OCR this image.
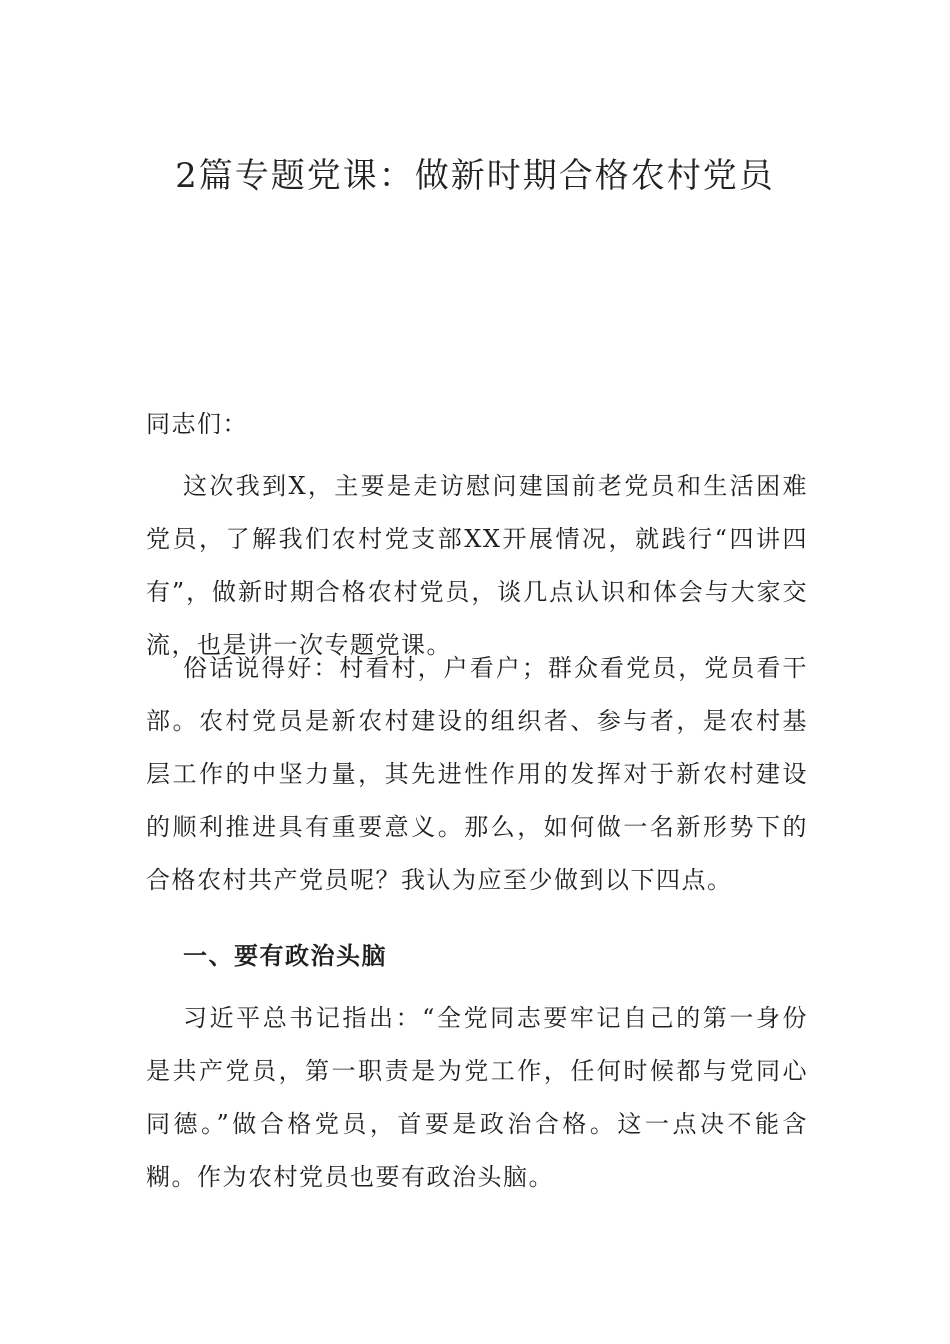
2篇专题党课：做新时期合格农村党员
同志们：
这次我到X，主要是走访慰问建国前老党员和生活困难党员，了解我们农村党支部XX开展情况，就践行“四讲四有”，做新时期合格农村党员，谈几点认识和体会与大家交流，也是讲一次专题党课。
俗话说得好：村看村，户看户；群众看党员，党员看干部。农村党员是新农村建设的组织者、参与者，是农村基层工作的中坚力量，其先进性作用的发挥对于新农村建设的顺利推进具有重要意义。那么，如何做一名新形势下的合格农村共产党员呢？我认为应至少做到以下四点。
一、要有政治头脑
习近平总书记指出：“全党同志要牢记自己的第一身份是共产党员，第一职责是为党工作，任何时候都与党同心同德。”做合格党员，首要是政治合格。这一点决不能含糊。作为农村党员也要有政治头脑。
